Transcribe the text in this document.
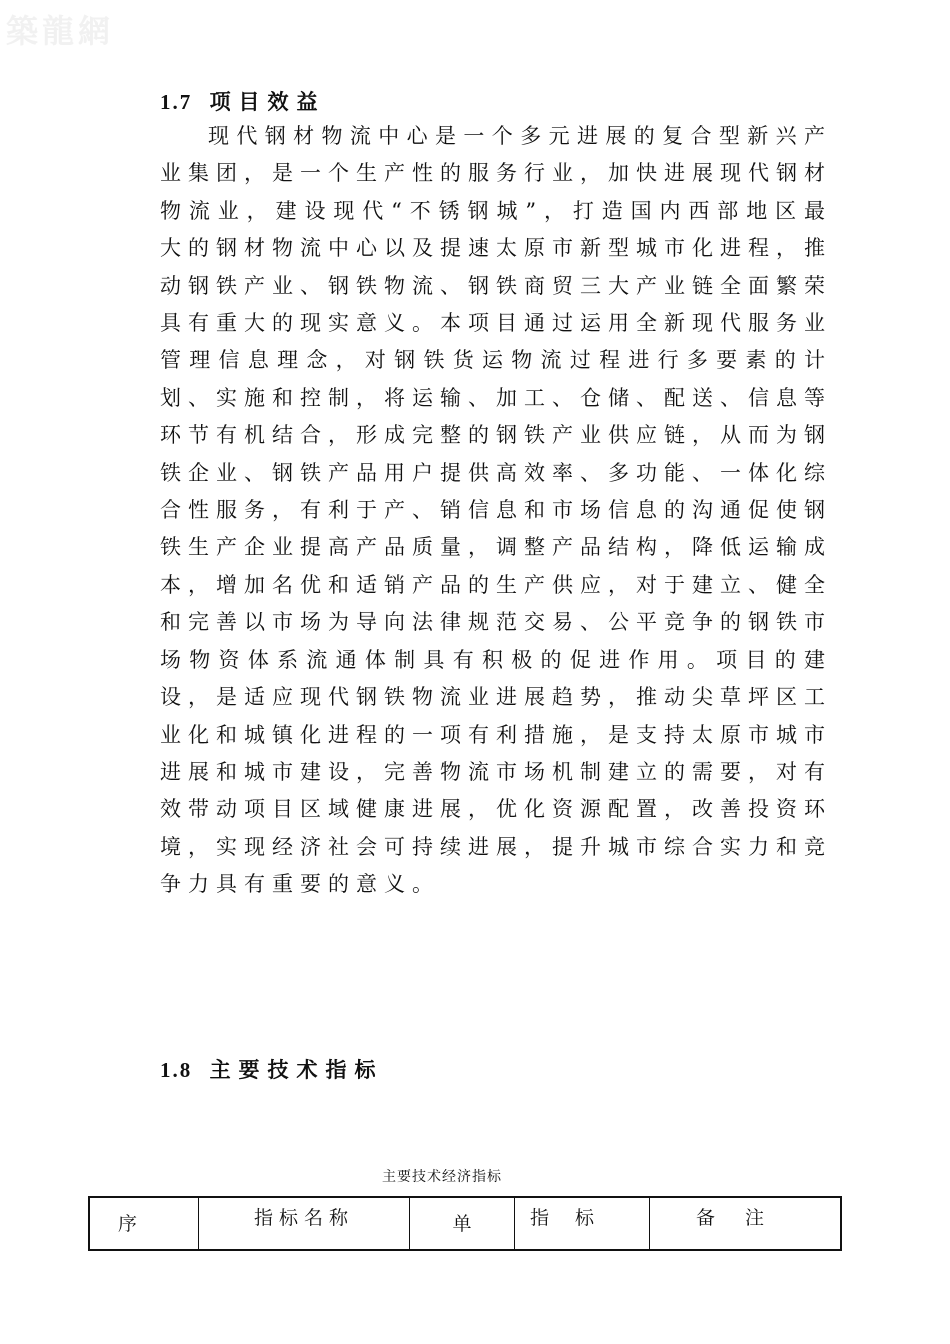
築龍網
1.7 项目效益

现代钢材物流中心是一个多元进展的复合型新兴产业集团，是一个生产性的服务行业，加快进展现代钢材物流业，建设现代“不锈钢城”，打造国内西部地区最大的钢材物流中心以及提速太原市新型城市化进程，推动钢铁产业、钢铁物流、钢铁商贸三大产业链全面繁荣具有重大的现实意义。本项目通过运用全新现代服务业管理信息理念，对钢铁货运物流过程进行多要素的计划、实施和控制，将运输、加工、仓储、配送、信息等环节有机结合，形成完整的钢铁产业供应链，从而为钢铁企业、钢铁产品用户提供高效率、多功能、一体化综合性服务，有利于产、销信息和市场信息的沟通促使钢铁生产企业提高产品质量，调整产品结构，降低运输成本，增加名优和适销产品的生产供应，对于建立、健全和完善以市场为导向法律规范交易、公平竞争的钢铁市场物资体系流通体制具有积极的促进作用。项目的建设，是适应现代钢铁物流业进展趋势，推动尖草坪区工业化和城镇化进程的一项有利措施，是支持太原市城市进展和城市建设，完善物流市场机制建立的需要，对有效带动项目区域健康进展，优化资源配置，改善投资环境，实现经济社会可持续进展，提升城市综合实力和竞争力具有重要的意义。

1.8 主要技术指标
主要技术经济指标
序	指标名称	单	指标	备注
